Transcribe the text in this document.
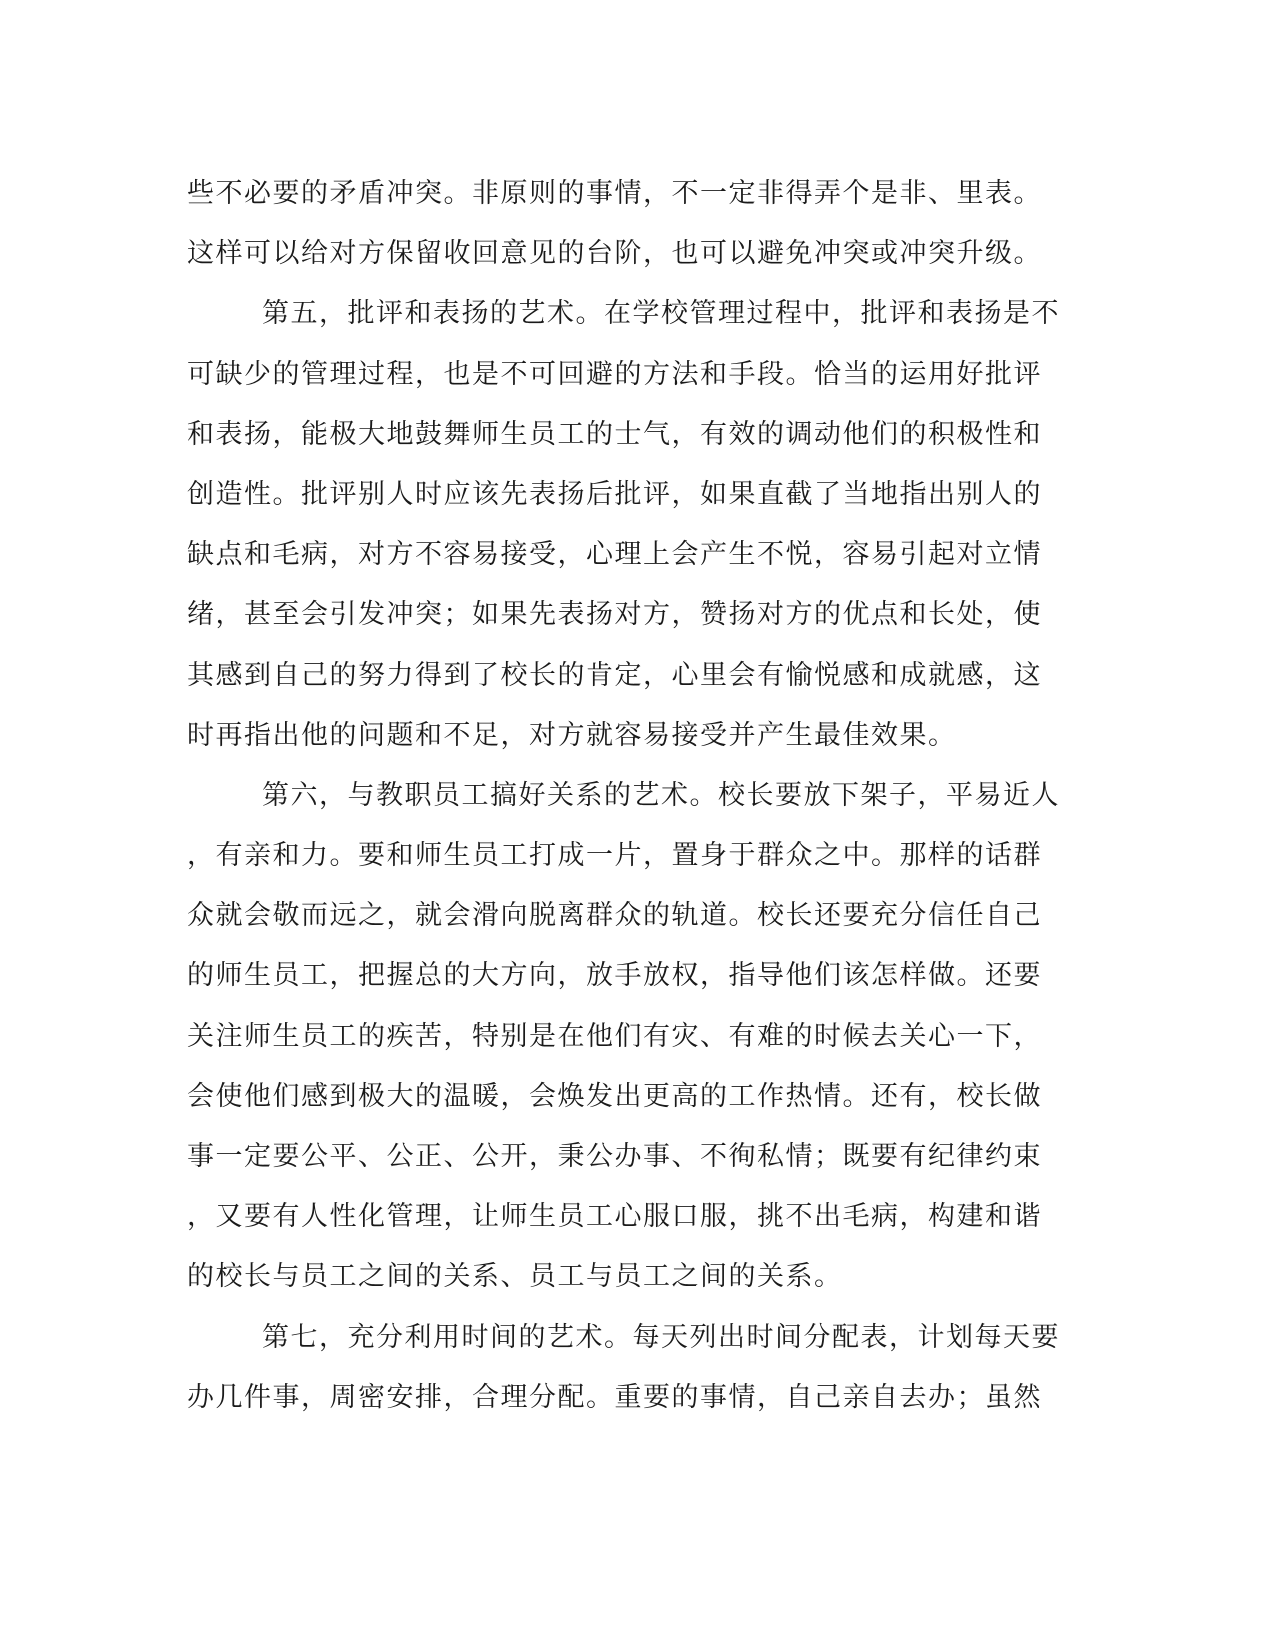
些不必要的矛盾冲突。非原则的事情，不一定非得弄个是非、里表。
这样可以给对方保留收回意见的台阶，也可以避免冲突或冲突升级。
第五，批评和表扬的艺术。在学校管理过程中，批评和表扬是不
可缺少的管理过程，也是不可回避的方法和手段。恰当的运用好批评
和表扬，能极大地鼓舞师生员工的士气，有效的调动他们的积极性和
创造性。批评别人时应该先表扬后批评，如果直截了当地指出别人的
缺点和毛病，对方不容易接受，心理上会产生不悦，容易引起对立情
绪，甚至会引发冲突；如果先表扬对方，赞扬对方的优点和长处，使
其感到自己的努力得到了校长的肯定，心里会有愉悦感和成就感，这
时再指出他的问题和不足，对方就容易接受并产生最佳效果。
第六，与教职员工搞好关系的艺术。校长要放下架子，平易近人
，有亲和力。要和师生员工打成一片，置身于群众之中。那样的话群
众就会敬而远之，就会滑向脱离群众的轨道。校长还要充分信任自己
的师生员工，把握总的大方向，放手放权，指导他们该怎样做。还要
关注师生员工的疾苦，特别是在他们有灾、有难的时候去关心一下，
会使他们感到极大的温暖，会焕发出更高的工作热情。还有，校长做
事一定要公平、公正、公开，秉公办事、不徇私情；既要有纪律约束
，又要有人性化管理，让师生员工心服口服，挑不出毛病，构建和谐
的校长与员工之间的关系、员工与员工之间的关系。
第七，充分利用时间的艺术。每天列出时间分配表，计划每天要
办几件事，周密安排，合理分配。重要的事情，自己亲自去办；虽然
